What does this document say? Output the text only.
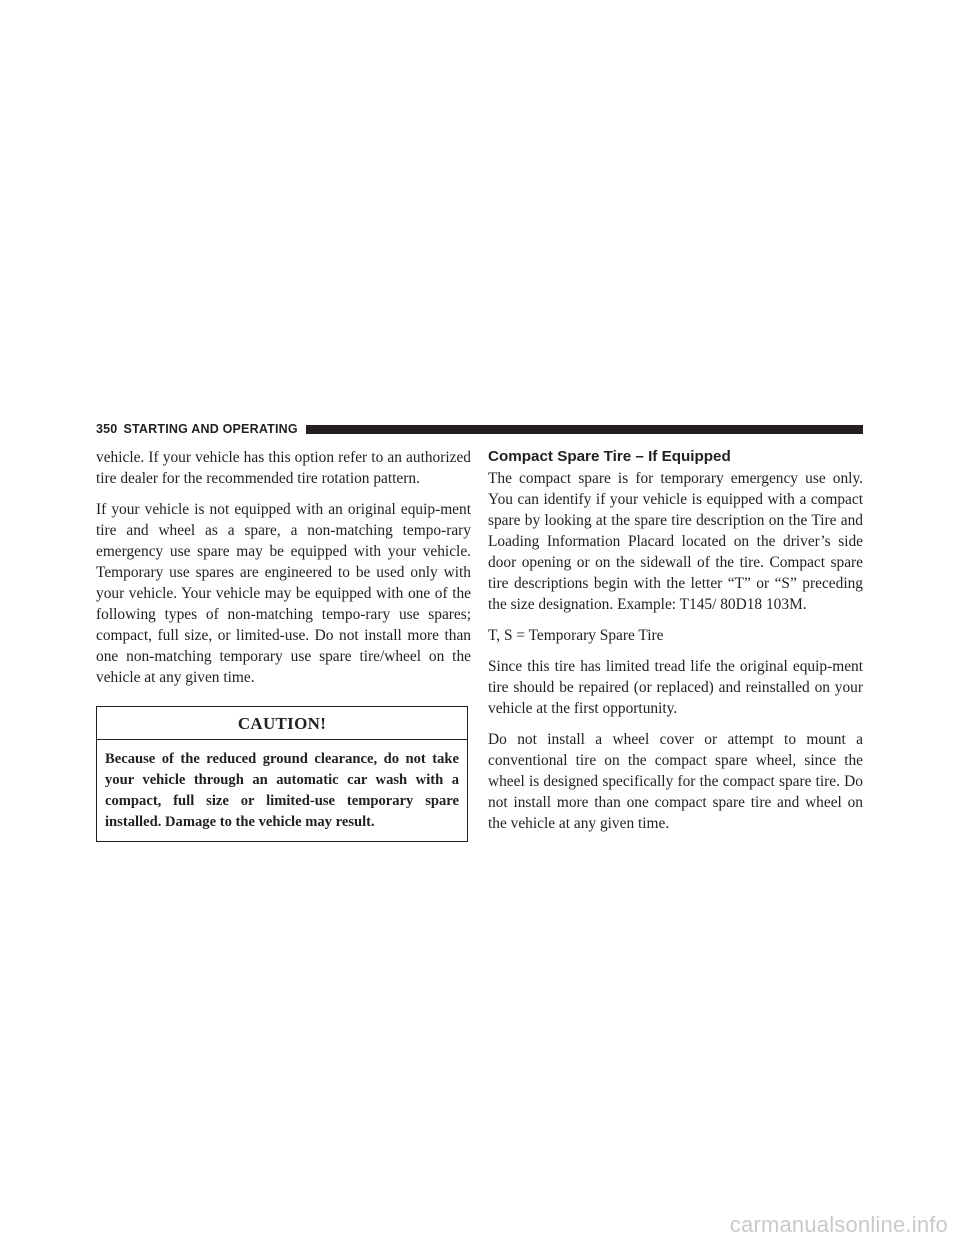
350 STARTING AND OPERATING

vehicle. If your vehicle has this option refer to an authorized tire dealer for the recommended tire rotation pattern.

If your vehicle is not equipped with an original equip-ment tire and wheel as a spare, a non-matching tempo-rary emergency use spare may be equipped with your vehicle. Temporary use spares are engineered to be used only with your vehicle. Your vehicle may be equipped with one of the following types of non-matching tempo-rary use spares; compact, full size, or limited-use. Do not install more than one non-matching temporary use spare tire/wheel on the vehicle at any given time.

CAUTION!
Because of the reduced ground clearance, do not take your vehicle through an automatic car wash with a compact, full size or limited-use temporary spare installed. Damage to the vehicle may result.
Compact Spare Tire – If Equipped

The compact spare is for temporary emergency use only. You can identify if your vehicle is equipped with a compact spare by looking at the spare tire description on the Tire and Loading Information Placard located on the driver’s side door opening or on the sidewall of the tire. Compact spare tire descriptions begin with the letter “T” or “S” preceding the size designation. Example: T145/ 80D18 103M.

T, S = Temporary Spare Tire

Since this tire has limited tread life the original equip-ment tire should be repaired (or replaced) and reinstalled on your vehicle at the first opportunity.

Do not install a wheel cover or attempt to mount a conventional tire on the compact spare wheel, since the wheel is designed specifically for the compact spare tire. Do not install more than one compact spare tire and wheel on the vehicle at any given time.

carmanualsonline.info
